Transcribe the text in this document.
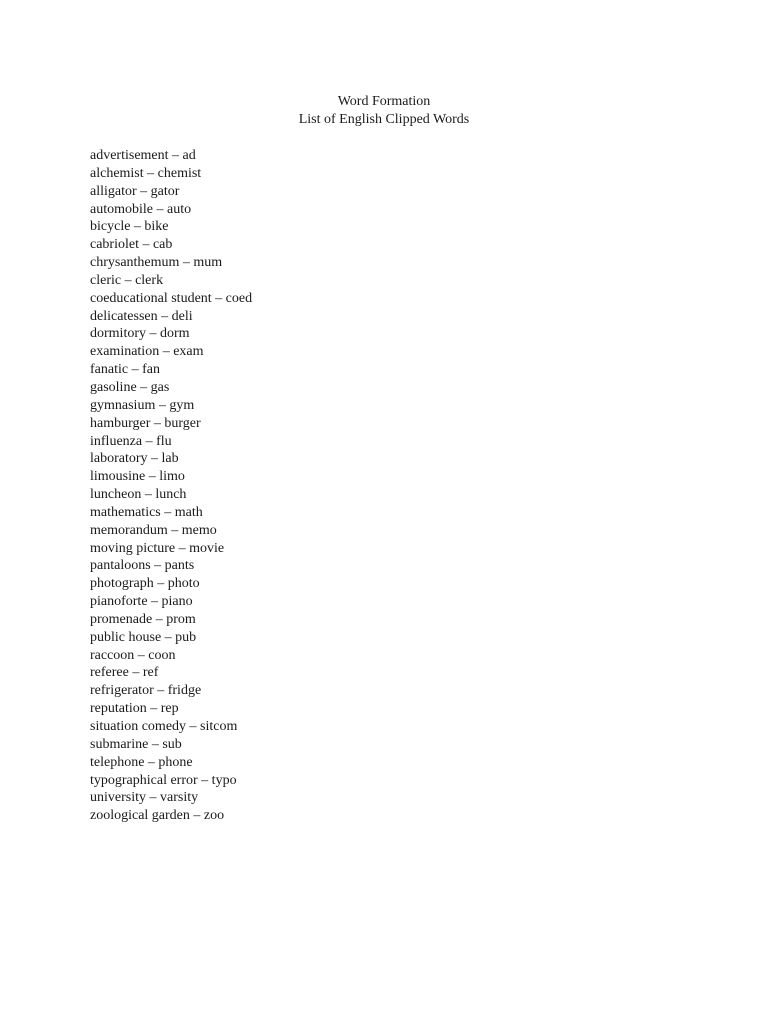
Word Formation
List of English Clipped Words
advertisement – ad
alchemist – chemist
alligator – gator
automobile – auto
bicycle – bike
cabriolet – cab
chrysanthemum – mum
cleric – clerk
coeducational student – coed
delicatessen – deli
dormitory – dorm
examination – exam
fanatic – fan
gasoline – gas
gymnasium – gym
hamburger – burger
influenza – flu
laboratory – lab
limousine – limo
luncheon – lunch
mathematics – math
memorandum – memo
moving picture – movie
pantaloons – pants
photograph – photo
pianoforte – piano
promenade – prom
public house – pub
raccoon – coon
referee – ref
refrigerator – fridge
reputation – rep
situation comedy – sitcom
submarine – sub
telephone – phone
typographical error – typo
university – varsity
zoological garden – zoo
